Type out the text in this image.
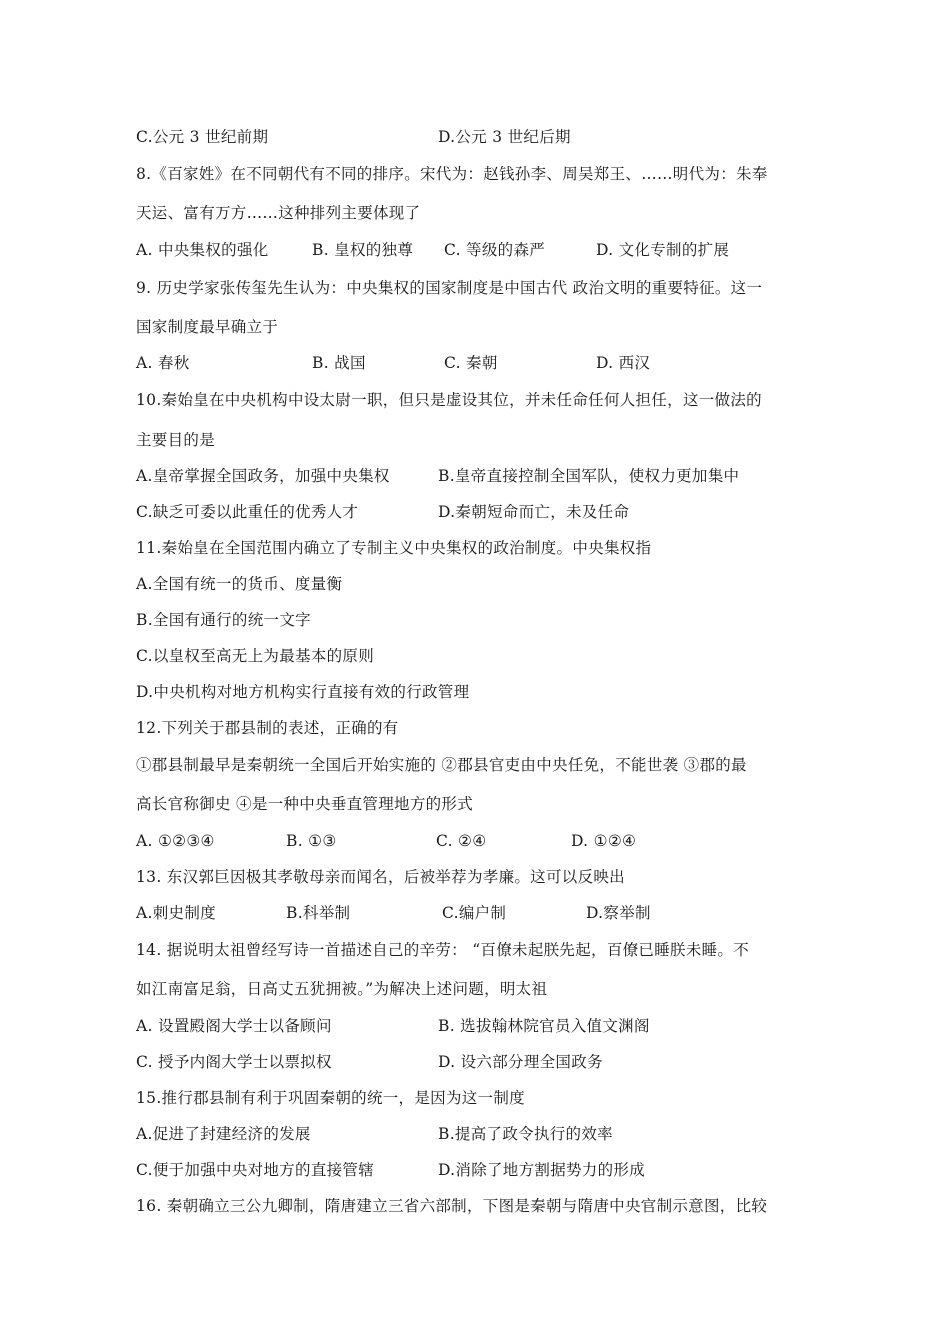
C.公元 3 世纪前期	D.公元 3 世纪后期
8.《百家姓》在不同朝代有不同的排序。宋代为：赵钱孙李、周吴郑王、……明代为：朱奉
天运、富有万方……这种排列主要体现了
A. 中央集权的强化	B. 皇权的独尊 C. 等级的森严	D. 文化专制的扩展
9. 历史学家张传玺先生认为：中央集权的国家制度是中国古代 政治文明的重要特征。这一
国家制度最早确立于
A. 春秋	B. 战国	C. 秦朝	D. 西汉
10.秦始皇在中央机构中设太尉一职，但只是虚设其位，并未任命任何人担任，这一做法的
主要目的是
A.皇帝掌握全国政务，加强中央集权	B.皇帝直接控制全国军队，使权力更加集中
C.缺乏可委以此重任的优秀人才	D.秦朝短命而亡，未及任命
11.秦始皇在全国范围内确立了专制主义中央集权的政治制度。中央集权指
A.全国有统一的货币、度量衡
B.全国有通行的统一文字
C.以皇权至高无上为最基本的原则
D.中央机构对地方机构实行直接有效的行政管理
12.下列关于郡县制的表述，正确的有
①郡县制最早是秦朝统一全国后开始实施的 ②郡县官吏由中央任免，不能世袭 ③郡的最
高长官称御史 ④是一种中央垂直管理地方的形式
A. ①②③④	B. ①③	C. ②④	D. ①②④
13. 东汉郭巨因极其孝敬母亲而闻名，后被举荐为孝廉。这可以反映出
A.刺史制度	B.科举制	C.编户制	D.察举制
14. 据说明太祖曾经写诗一首描述自己的辛劳： “百僚未起朕先起，百僚已睡朕未睡。不
如江南富足翁，日高丈五犹拥被。”为解决上述问题，明太祖
A. 设置殿阁大学士以备顾问	B. 选拔翰林院官员入值文渊阁
C. 授予内阁大学士以票拟权	D. 设六部分理全国政务
15.推行郡县制有利于巩固秦朝的统一，是因为这一制度
A.促进了封建经济的发展	B.提高了政令执行的效率
C.便于加强中央对地方的直接管辖	D.消除了地方割据势力的形成
16. 秦朝确立三公九卿制，隋唐建立三省六部制，下图是秦朝与隋唐中央官制示意图，比较
